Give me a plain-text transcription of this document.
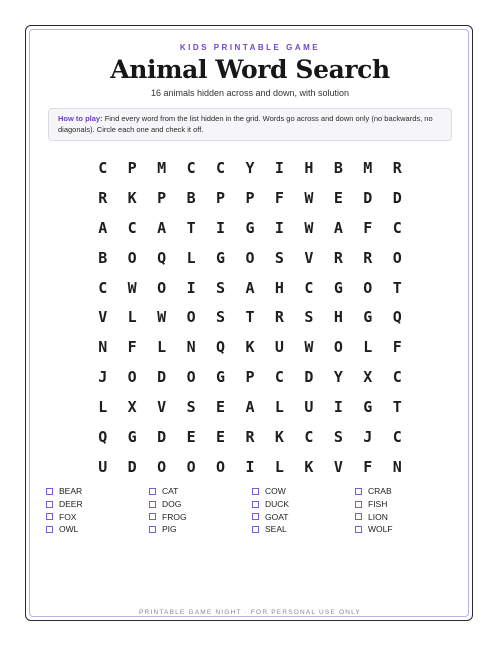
KIDS PRINTABLE GAME
Animal Word Search
16 animals hidden across and down, with solution
How to play: Find every word from the list hidden in the grid. Words go across and down only (no backwards, no diagonals). Circle each one and check it off.
C	P	M	C	C	Y	I	H	B	M	R
R	K	P	B	P	P	F	W	E	D	D
A	C	A	T	I	G	I	W	A	F	C
B	O	Q	L	G	O	S	V	R	R	O
C	W	O	I	S	A	H	C	G	O	T
V	L	W	O	S	T	R	S	H	G	Q
N	F	L	N	Q	K	U	W	O	L	F
J	O	D	O	G	P	C	D	Y	X	C
L	X	V	S	E	A	L	U	I	G	T
Q	G	D	E	E	R	K	C	S	J	C
U	D	O	O	O	I	L	K	V	F	N
BEAR	CAT	COW	CRAB
DEER	DOG	DUCK	FISH
FOX	FROG	GOAT	LION
OWL	PIG	SEAL	WOLF
PRINTABLE GAME NIGHT · FOR PERSONAL USE ONLY
